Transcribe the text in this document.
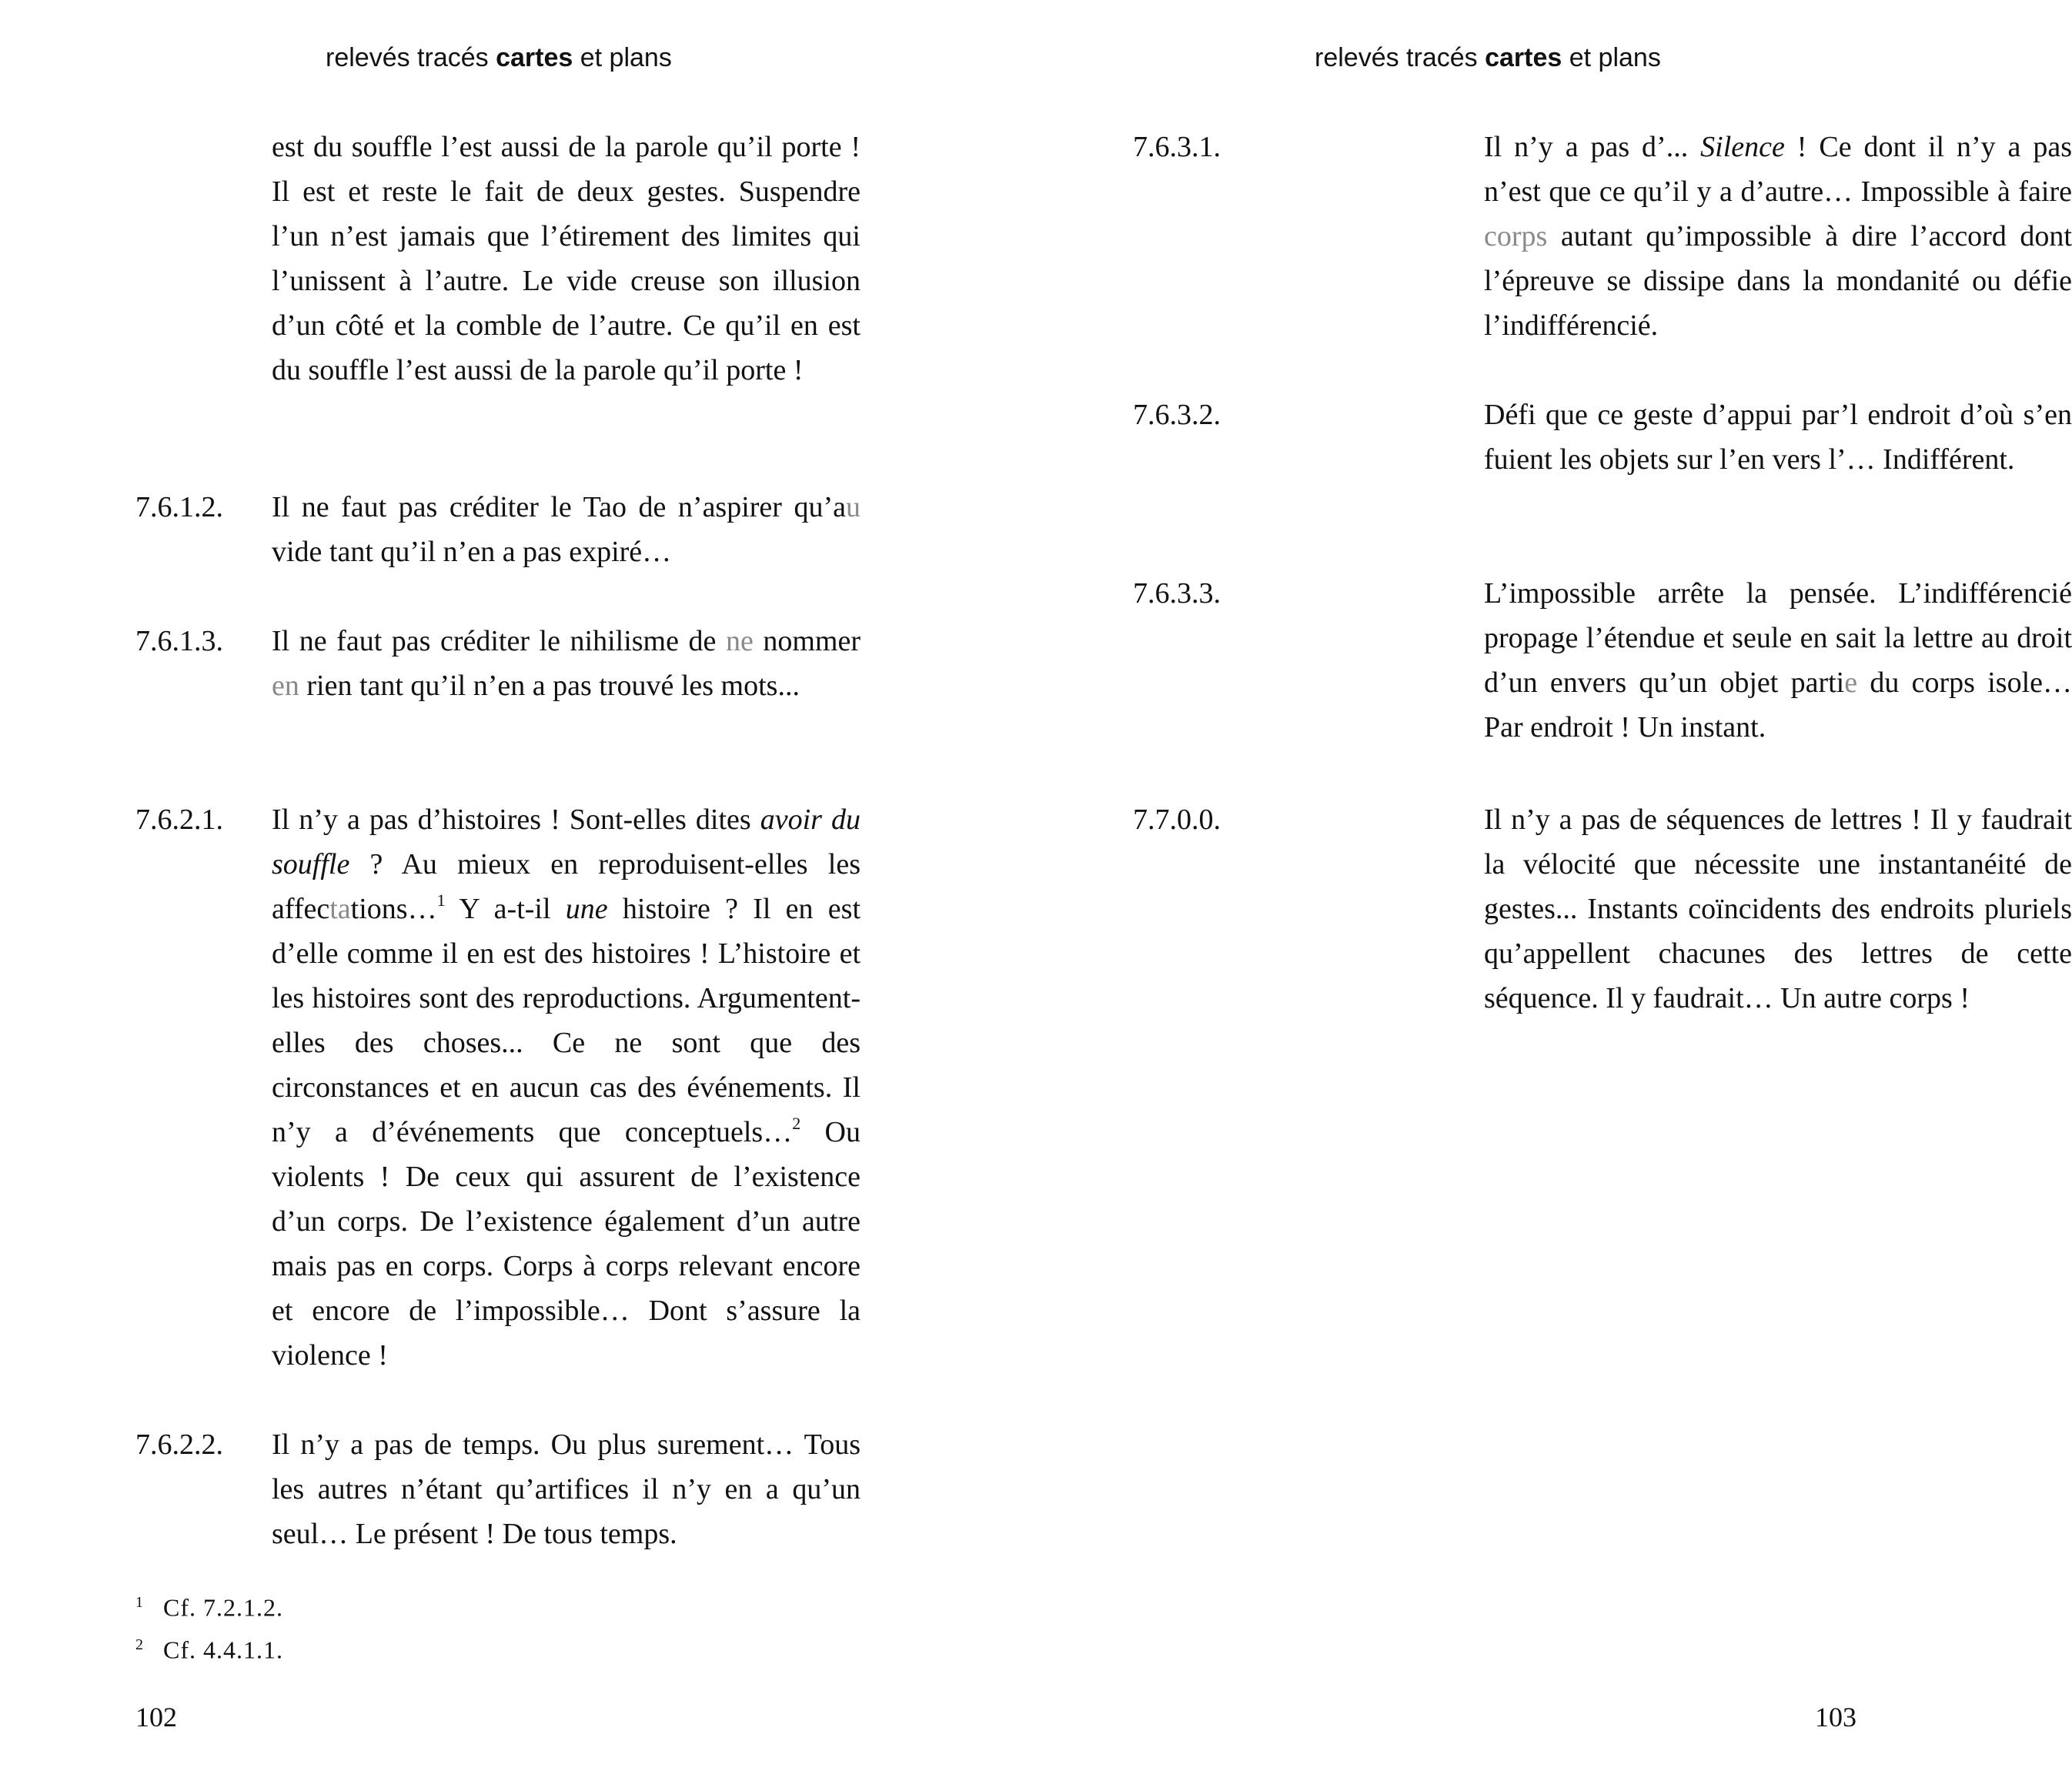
relevés tracés cartes et plans
est du souffle l’est aussi de la parole qu’il porte ! Il est et reste le fait de deux gestes. Suspendre l’un n’est jamais que l’étirement des limites qui l’unissent à l’autre. Le vide creuse son illusion d’un côté et la comble de l’autre. Ce qu’il en est du souffle l’est aussi de la parole qu’il porte !
7.6.1.2. Il ne faut pas créditer le Tao de n’aspirer qu’au vide tant qu’il n’en a pas expiré…
7.6.1.3. Il ne faut pas créditer le nihilisme de ne nommer en rien tant qu’il n’en a pas trouvé les mots...
7.6.2.1. Il n’y a pas d’histoires ! Sont-elles dites avoir du souffle ? Au mieux en reproduisent-elles les affectations…$^1$ Y a-t-il une histoire ? Il en est d’elle comme il en est des histoires ! L’histoire et les histoires sont des reproductions. Argumentent-elles des choses... Ce ne sont que des circonstances et en aucun cas des événements. Il n’y a d’événements que conceptuels…$^2$ Ou violents ! De ceux qui assurent de l’existence d’un corps. De l’existence également d’un autre mais pas en corps. Corps à corps relevant encore et encore de l’impossible… Dont s’assure la violence !
7.6.2.2. Il n’y a pas de temps. Ou plus surement… Tous les autres n’étant qu’artifices il n’y en a qu’un seul… Le présent ! De tous temps.
1 Cf. 7.2.1.2.
2 Cf. 4.4.1.1.
102
relevés tracés cartes et plans
7.6.3.1.	Il n’y a pas d’... Silence ! Ce dont il n’y a pas n’est que ce qu’il y a d’autre… Impossible à faire corps autant qu’impossible à dire l’accord dont l’épreuve se dissipe dans la mondanité ou défie l’indifférencié.
7.6.3.2.	Défi que ce geste d’appui par’l endroit d’où s’en fuient les objets sur l’en vers l’… Indifférent.
7.6.3.3.	L’impossible arrête la pensée. L’indifférencié propage l’étendue et seule en sait la lettre au droit d’un envers qu’un objet partie du corps isole… Par endroit ! Un instant.
7.7.0.0.	Il n’y a pas de séquences de lettres ! Il y faudrait la vélocité que nécessite une instantanéité de gestes... Instants coïncidents des endroits pluriels qu’appellent chacunes des lettres de cette séquence. Il y faudrait… Un autre corps !
103
